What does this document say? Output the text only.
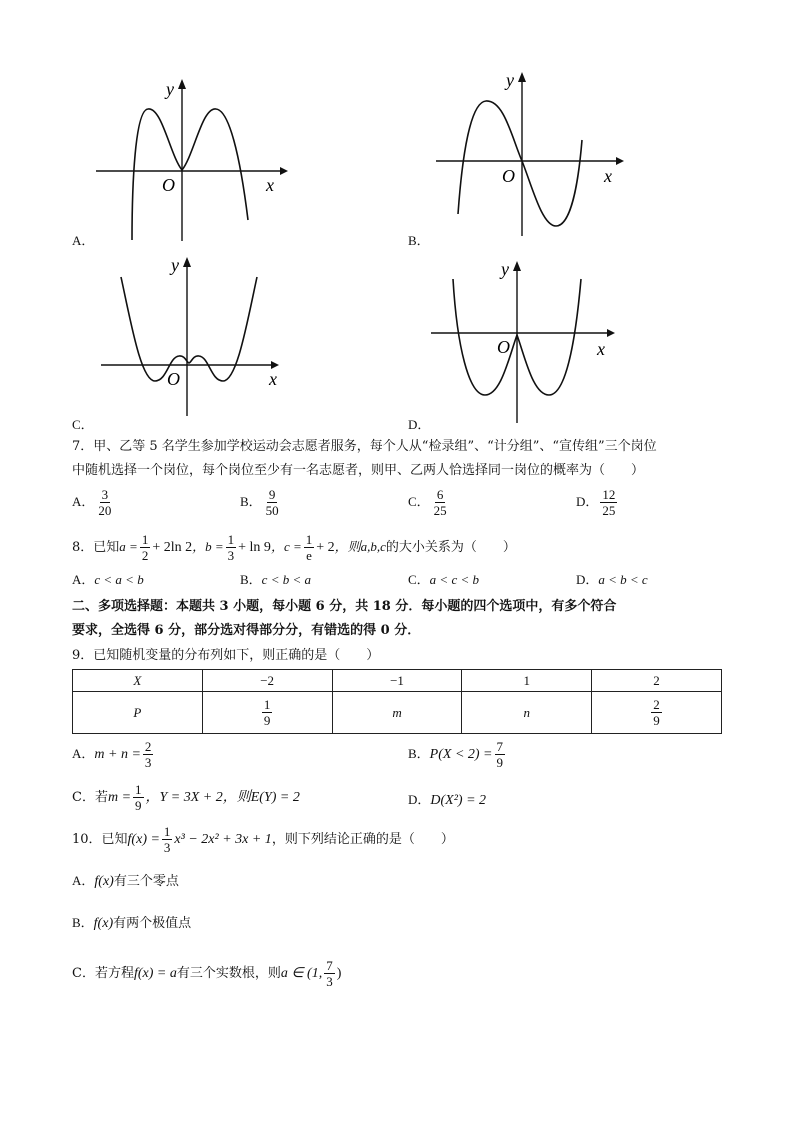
y
O	x
A．
y
O	x
B．
y
O	x
C．
y
O	x
D．
7．甲、乙等 5 名学生参加学校运动会志愿者服务，每个人从“检录组”、“计分组”、“宣传组”三个岗位
中随机选择一个岗位，每个岗位至少有一名志愿者，则甲、乙两人恰选择同一岗位的概率为（　　）
A． $\frac{3}{20}$	B． $\frac{9}{50}$	C． $\frac{6}{25}$	D． $\frac{12}{25}$
8．已知$a = \frac{1}{2} + 2\ln$ 2，$b = \frac{1}{3} + \ln 9$，$c = \frac{1}{e} + 2$，则a,b,c的大小关系为（　　）
A．c < a < b	B．c < b < a	C．a < c < b	D．a < b < c
二、多项选择题：本题共 3 小题，每小题 6 分，共 18 分．每小题的四个选项中，有多个符合
要求，全选得 6 分，部分选对得部分分，有错选的得 0 分．
9．已知随机变量的分布列如下，则正确的是（　　）
X	−2	−1	1	2
P	$\frac{1}{9}$	m	n	$\frac{2}{9}$
A．$m + n = \frac{2}{3}$	B．$P(X < 2) = \frac{7}{9}$
C．若$m = \frac{1}{9}$ ，Y = 3X + 2，则E(Y) = 2	D．D(X²) = 2
10．已知$f(x) = \frac{1}{3} x^3 - 2x^2 + 3x + 1$，则下列结论正确的是（　　）
A．f(x)有三个零点
B．f(x)有两个极值点
C．若方程f(x) = a有三个实数根，则a ∈ (1, $\frac{7}{3}$ )
